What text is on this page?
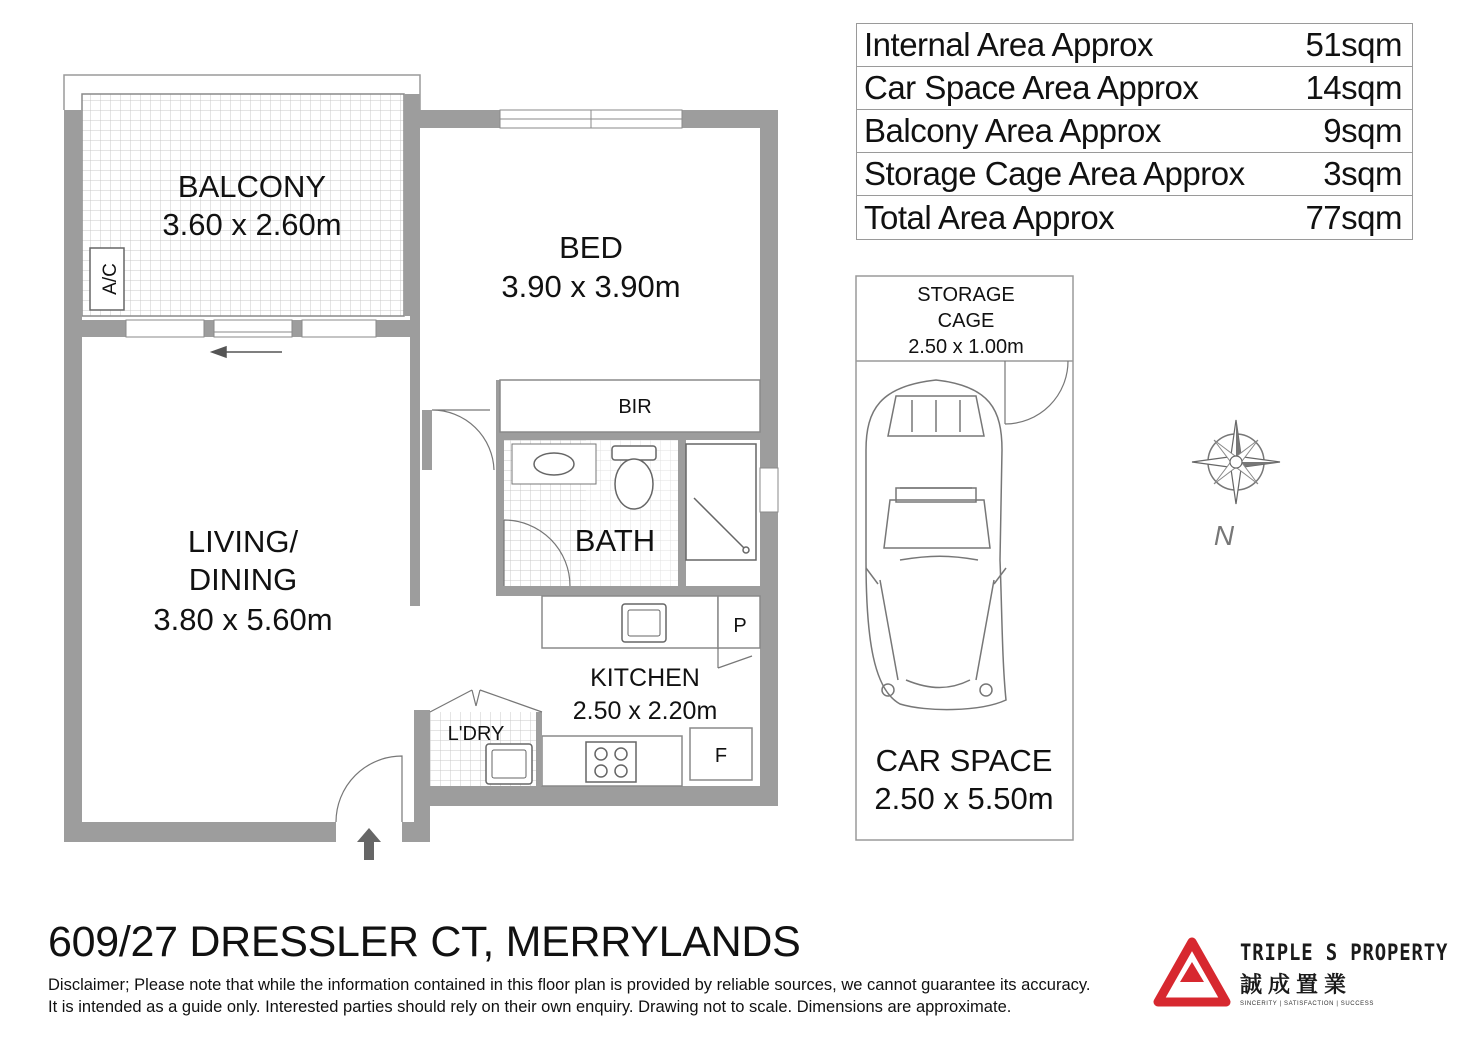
BALCONY
3.60 x 2.60m
A/C
BED
3.90 x 3.90m
BIR
BATH
LIVING/
DINING
3.80 x 5.60m
KITCHEN
2.50 x 2.20m
P
F
L'DRY
STORAGE
CAGE
2.50 x 1.00m
CAR SPACE
2.50 x 5.50m
N
Internal Area Approx	51sqm
Car Space Area Approx	14sqm
Balcony Area Approx	9sqm
Storage Cage Area Approx 3sqm
Total Area Approx	77sqm
609/27 DRESSLER CT, MERRYLANDS
Disclaimer; Please note that while the information contained in this floor plan is provided by reliable sources, we cannot guarantee its accuracy.
It is intended as a guide only. Interested parties should rely on their own enquiry. Drawing not to scale. Dimensions are approximate.
TRIPLE S PROPERTY
誠成置業
SINCERITY | SATISFACTION | SUCCESS
